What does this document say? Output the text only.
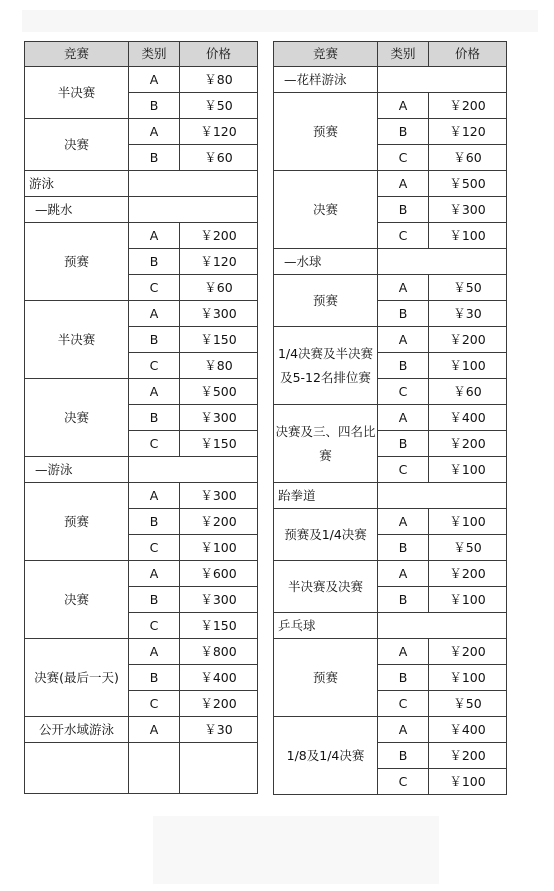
竞赛	类别	价格
半决赛	A	￥80
	B	￥50
决赛	A	￥120
	B	￥60
游泳		
—跳水		
预赛	A	￥200
	B	￥120
	C	￥60
半决赛	A	￥300
	B	￥150
	C	￥80
决赛	A	￥500
	B	￥300
	C	￥150
—游泳		
预赛	A	￥300
	B	￥200
	C	￥100
决赛	A	￥600
	B	￥300
	C	￥150
决赛(最后一天)	A	￥800
	B	￥400
	C	￥200
公开水域游泳	A	￥30

竞赛	类别	价格
—花样游泳		
预赛	A	￥200
	B	￥120
	C	￥60
决赛	A	￥500
	B	￥300
	C	￥100
—水球		
预赛	A	￥50
	B	￥30
1/4决赛及半决赛及5-12名排位赛	A	￥200
	B	￥100
	C	￥60
决赛及三、四名比赛	A	￥400
	B	￥200
	C	￥100
跆拳道		
预赛及1/4决赛	A	￥100
	B	￥50
半决赛及决赛	A	￥200
	B	￥100
乒乓球		
预赛	A	￥200
	B	￥100
	C	￥50
1/8及1/4决赛	A	￥400
	B	￥200
	C	￥100
